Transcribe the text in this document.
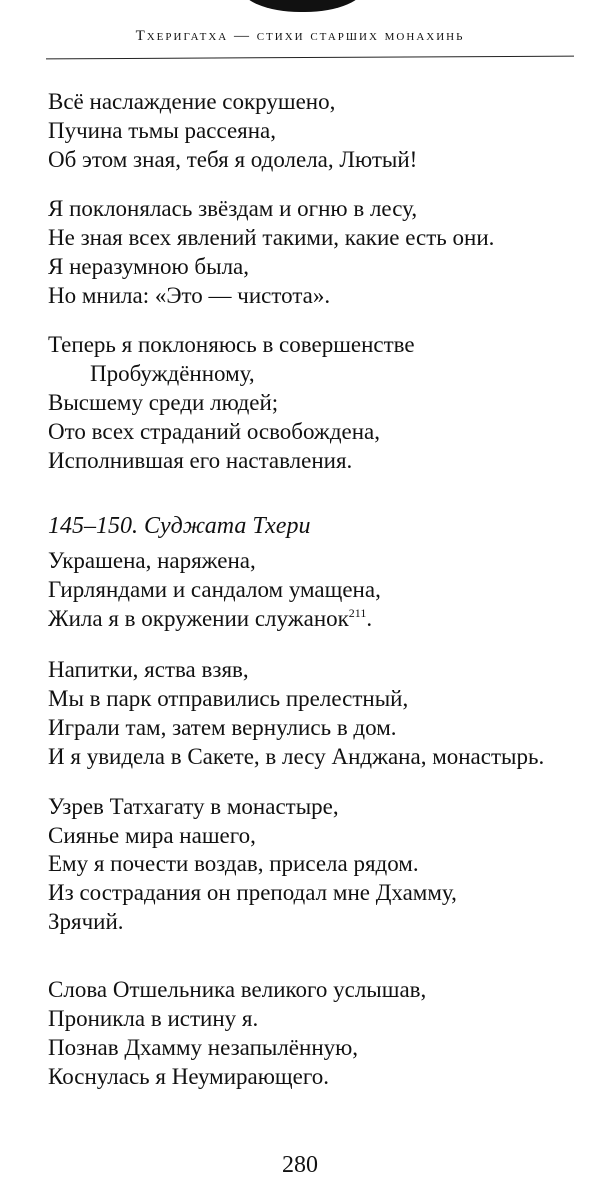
Тхеригатха — стихи старших монахинь
Всё наслаждение сокрушено,
Пучина тьмы рассеяна,
Об этом зная, тебя я одолела, Лютый!
Я поклонялась звёздам и огню в лесу,
Не зная всех явлений такими, какие есть они.
Я неразумною была,
Но мнила: «Это — чистота».
Теперь я поклоняюсь в совершенстве
Пробуждённому,
Высшему среди людей;
Ото всех страданий освобождена,
Исполнившая его наставления.
145–150. Суджата Тхери
Украшена, наряжена,
Гирляндами и сандалом умащена,
Жила я в окружении служанок$^{211}$.
Напитки, яства взяв,
Мы в парк отправились прелестный,
Играли там, затем вернулись в дом.
И я увидела в Сакете, в лесу Анджана, монастырь.
Узрев Татхагату в монастыре,
Сиянье мира нашего,
Ему я почести воздав, присела рядом.
Из сострадания он преподал мне Дхамму,
Зрячий.
Слова Отшельника великого услышав,
Проникла в истину я.
Познав Дхамму незапылённую,
Коснулась я Неумирающего.
280
